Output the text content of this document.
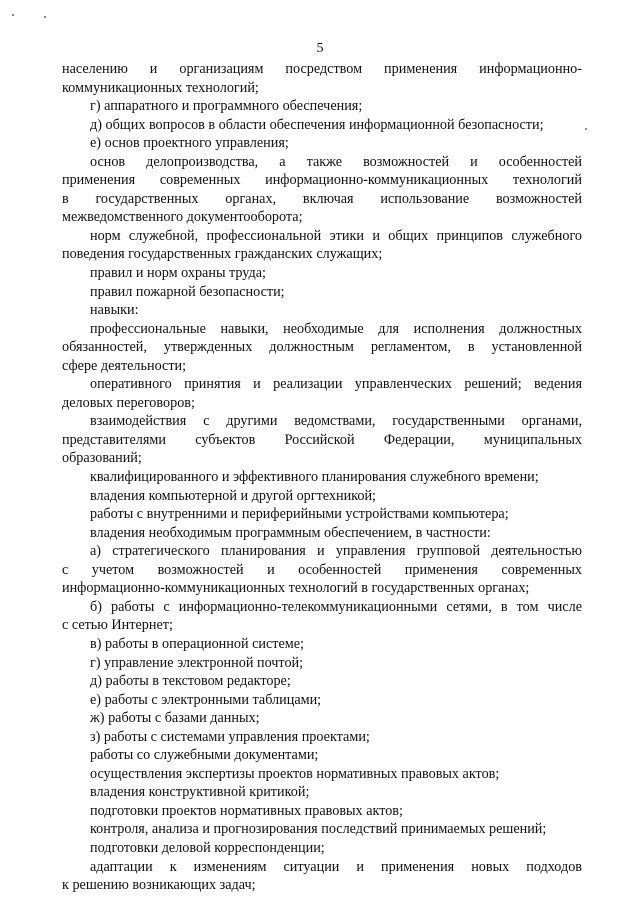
5
населению и организациям посредством применения информационно-
коммуникационных технологий;
г) аппаратного и программного обеспечения;
д) общих вопросов в области обеспечения информационной безопасности;
е) основ проектного управления;
основ делопроизводства, а также возможностей и особенностей
применения современных информационно-коммуникационных технологий
в государственных органах, включая использование возможностей
межведомственного документооборота;
норм служебной, профессиональной этики и общих принципов служебного
поведения государственных гражданских служащих;
правил и норм охраны труда;
правил пожарной безопасности;
навыки:
профессиональные навыки, необходимые для исполнения должностных
обязанностей, утвержденных должностным регламентом, в установленной
сфере деятельности;
оперативного принятия и реализации управленческих решений; ведения
деловых переговоров;
взаимодействия с другими ведомствами, государственными органами,
представителями субъектов Российской Федерации, муниципальных
образований;
квалифицированного и эффективного планирования служебного времени;
владения компьютерной и другой оргтехникой;
работы с внутренними и периферийными устройствами компьютера;
владения необходимым программным обеспечением, в частности:
а) стратегического планирования и управления групповой деятельностью
с учетом возможностей и особенностей применения современных
информационно-коммуникационных технологий в государственных органах;
б) работы с информационно-телекоммуникационными сетями, в том числе
с сетью Интернет;
в) работы в операционной системе;
г) управление электронной почтой;
д) работы в текстовом редакторе;
е) работы с электронными таблицами;
ж) работы с базами данных;
з) работы с системами управления проектами;
работы со служебными документами;
осуществления экспертизы проектов нормативных правовых актов;
владения конструктивной критикой;
подготовки проектов нормативных правовых актов;
контроля, анализа и прогнозирования последствий принимаемых решений;
подготовки деловой корреспонденции;
адаптации к изменениям ситуации и применения новых подходов
к решению возникающих задач;
